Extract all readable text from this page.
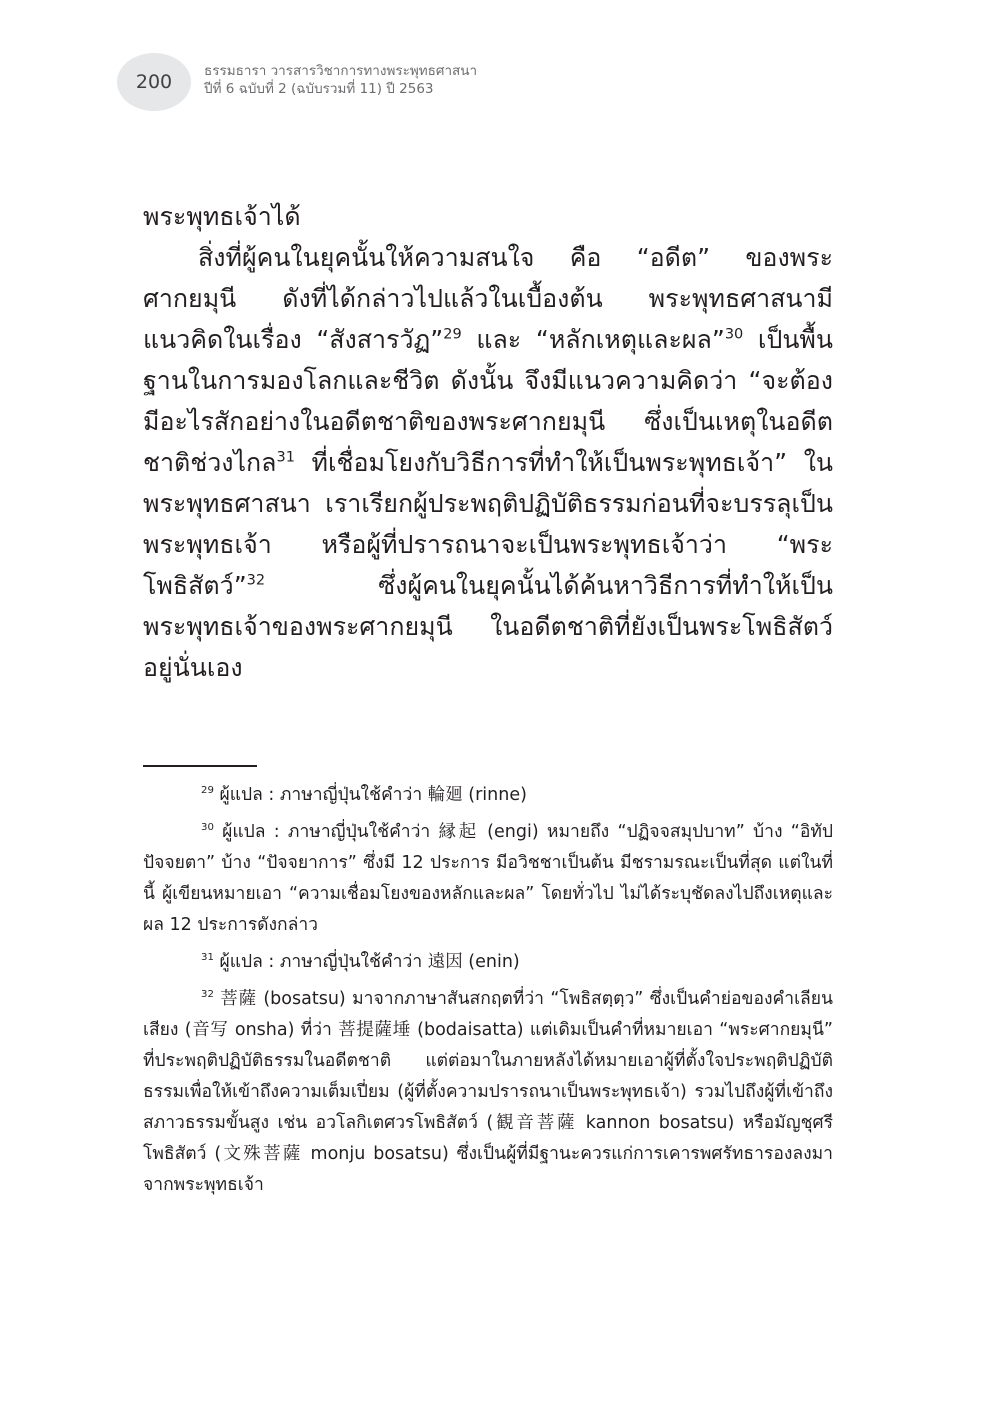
200 ธรรมธารา วารสารวิชาการทางพระพุทธศาสนา
ปีที่ 6 ฉบับที่ 2 (ฉบับรวมที่ 11) ปี 2563

พระพุทธเจ้าได้

สิ่งที่ผู้คนในยุคนั้นให้ความสนใจ คือ “อดีต” ของพระศากยมุนี ดังที่ได้กล่าวไปแล้วในเบื้องต้น พระพุทธศาสนามีแนวคิดในเรื่อง “สังสารวัฏ”$^{29}$ และ “หลักเหตุและผล”$^{30}$ เป็นพื้นฐานในการมองโลกและชีวิต ดังนั้น จึงมีแนวความคิดว่า “จะต้องมีอะไรสักอย่างในอดีตชาติของพระศากยมุนี ซึ่งเป็นเหตุในอดีตชาติช่วงไกล$^{31}$ ที่เชื่อมโยงกับวิธีการที่ทำให้เป็นพระพุทธเจ้า” ในพระพุทธศาสนา เราเรียกผู้ประพฤติปฏิบัติธรรมก่อนที่จะบรรลุเป็นพระพุทธเจ้า หรือผู้ที่ปรารถนาจะเป็นพระพุทธเจ้าว่า “พระโพธิสัตว์”$^{32}$ ซึ่งผู้คนในยุคนั้นได้ค้นหาวิธีการที่ทำให้เป็นพระพุทธเจ้าของพระศากยมุนี ในอดีตชาติที่ยังเป็นพระโพธิสัตว์อยู่นั่นเอง

$^{29}$ ผู้แปล : ภาษาญี่ปุ่นใช้คำว่า 輪廻 (rinne)

$^{30}$ ผู้แปล : ภาษาญี่ปุ่นใช้คำว่า 縁起 (engi) หมายถึง “ปฏิจจสมุปบาท” บ้าง “อิทัปปัจจยตา” บ้าง “ปัจจยาการ” ซึ่งมี 12 ประการ มีอวิชชาเป็นต้น มีชรามรณะเป็นที่สุด แต่ในที่นี้ ผู้เขียนหมายเอา “ความเชื่อมโยงของหลักและผล” โดยทั่วไป ไม่ได้ระบุชัดลงไปถึงเหตุและผล 12 ประการดังกล่าว

$^{31}$ ผู้แปล : ภาษาญี่ปุ่นใช้คำว่า 遠因 (enin)

$^{32}$ 菩薩 (bosatsu) มาจากภาษาสันสกฤตที่ว่า “โพธิสตฺตฺว” ซึ่งเป็นคำย่อของคำเลียนเสียง (音写 onsha) ที่ว่า 菩提薩埵 (bodaisatta) แต่เดิมเป็นคำที่หมายเอา “พระศากยมุนี” ที่ประพฤติปฏิบัติธรรมในอดีตชาติ แต่ต่อมาในภายหลังได้หมายเอาผู้ที่ตั้งใจประพฤติปฏิบัติธรรมเพื่อให้เข้าถึงความเต็มเปี่ยม (ผู้ที่ตั้งความปรารถนาเป็นพระพุทธเจ้า) รวมไปถึงผู้ที่เข้าถึงสภาวธรรมขั้นสูง เช่น อวโลกิเตศวรโพธิสัตว์ (観音菩薩 kannon bosatsu) หรือมัญชุศรีโพธิสัตว์ (文殊菩薩 monju bosatsu) ซึ่งเป็นผู้ที่มีฐานะควรแก่การเคารพศรัทธารองลงมาจากพระพุทธเจ้า
